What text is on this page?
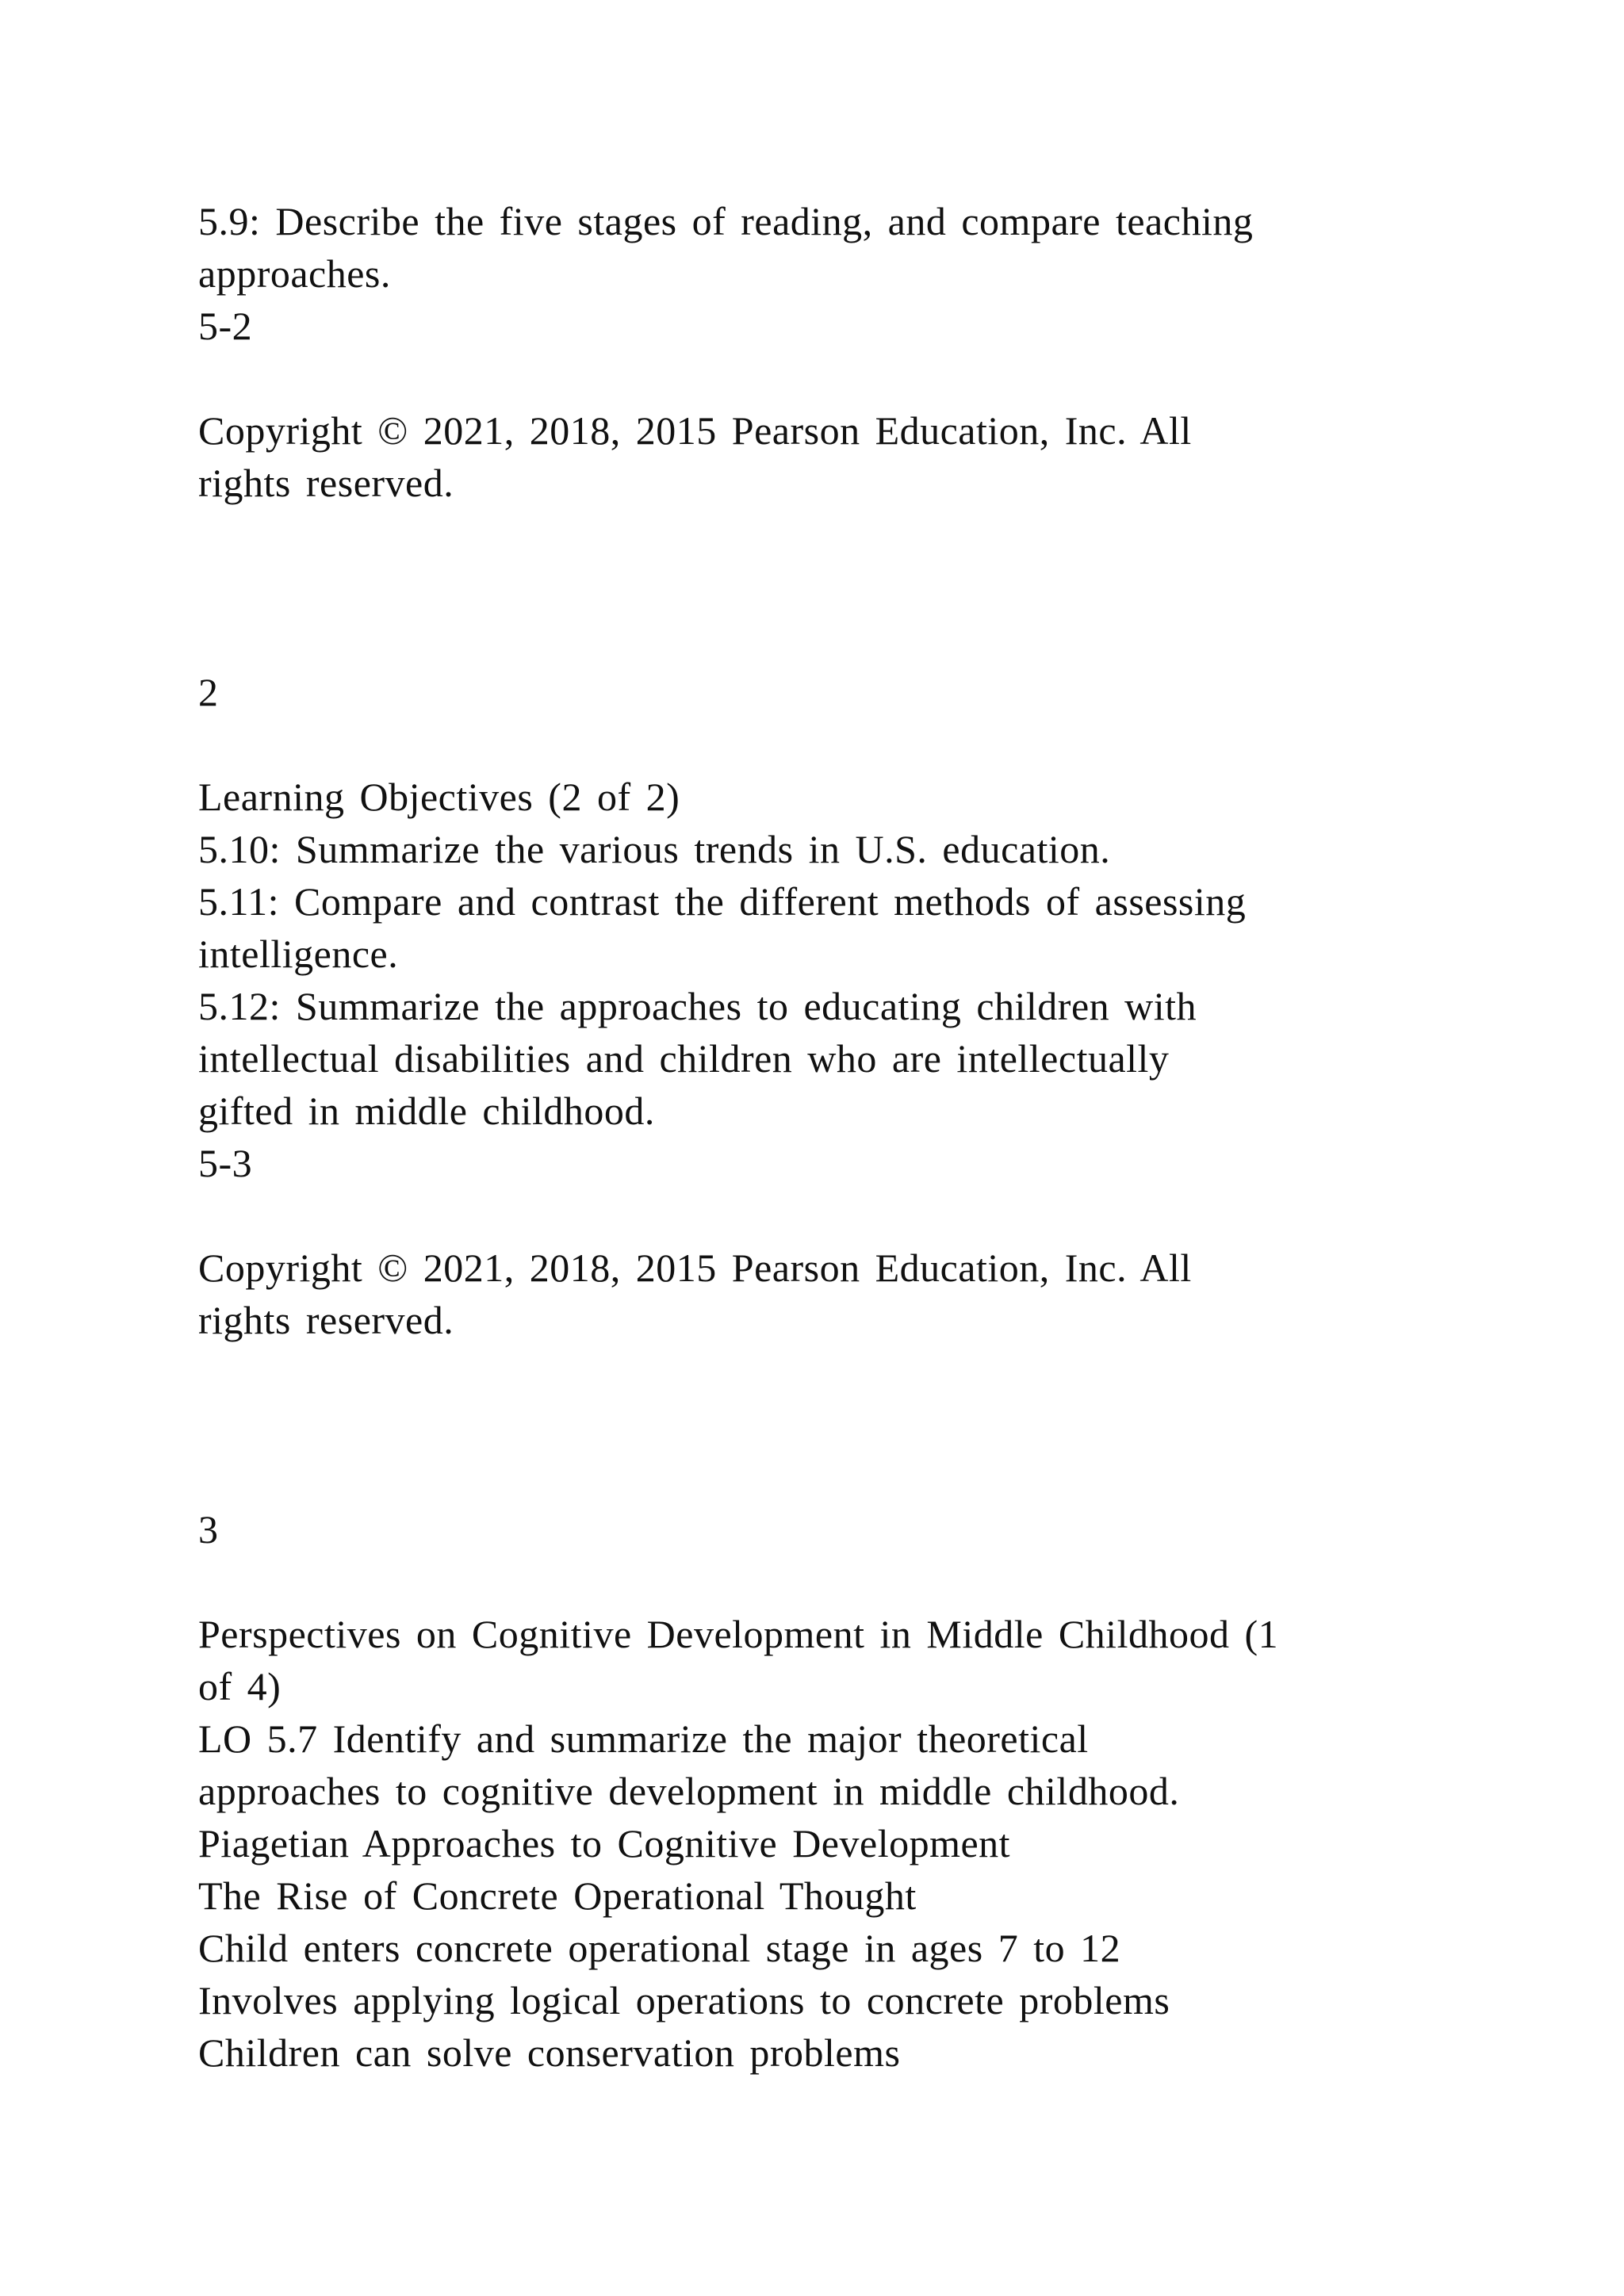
5.9: Describe the five stages of reading, and compare teaching
approaches.
5-2
Copyright © 2021, 2018, 2015 Pearson Education, Inc. All
rights reserved.
2
Learning Objectives (2 of 2)
5.10: Summarize the various trends in U.S. education.
5.11: Compare and contrast the different methods of assessing
intelligence.
5.12: Summarize the approaches to educating children with
intellectual disabilities and children who are intellectually
gifted in middle childhood.
5-3
Copyright © 2021, 2018, 2015 Pearson Education, Inc. All
rights reserved.
3
Perspectives on Cognitive Development in Middle Childhood (1
of 4)
LO 5.7 Identify and summarize the major theoretical
approaches to cognitive development in middle childhood.
Piagetian Approaches to Cognitive Development
The Rise of Concrete Operational Thought
Child enters concrete operational stage in ages 7 to 12
Involves applying logical operations to concrete problems
Children can solve conservation problems
